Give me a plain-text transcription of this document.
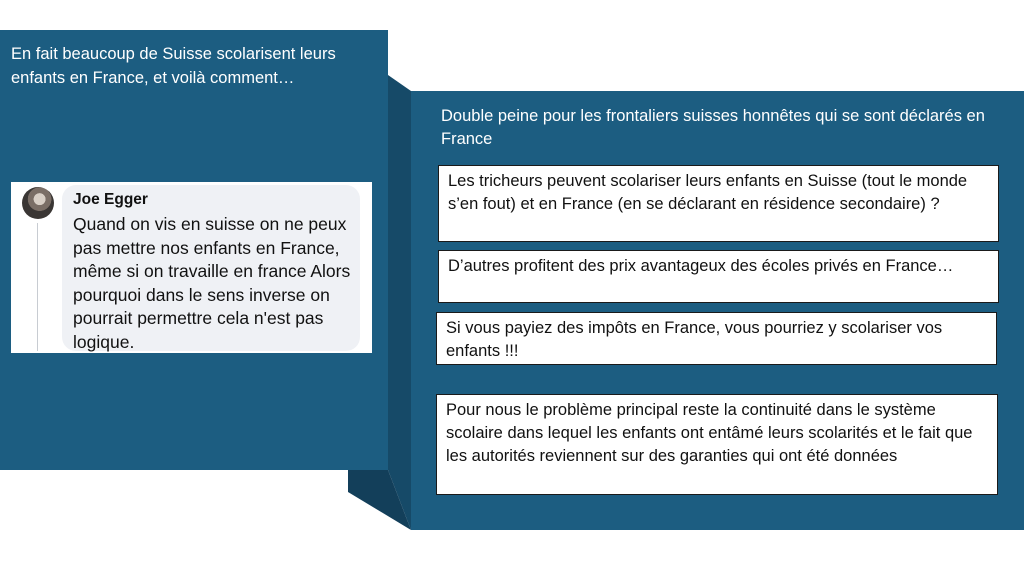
En fait beaucoup de Suisse scolarisent leurs enfants en France, et voilà comment…
Joe Egger
Quand on vis en suisse on ne peux pas mettre nos enfants en France, même si on travaille en france Alors pourquoi dans le sens inverse on pourrait permettre cela n'est pas logique.
Double peine pour les frontaliers suisses honnêtes qui se sont déclarés en France
Les tricheurs peuvent scolariser leurs enfants en Suisse (tout le monde s’en fout) et en France (en se déclarant en résidence secondaire) ?
D’autres profitent des prix avantageux des écoles privés en France…
Si vous payiez des impôts en France, vous pourriez y scolariser vos enfants !!!
Pour nous le problème principal reste la continuité dans le système scolaire dans lequel les enfants ont entâmé leurs scolarités et le fait que les autorités reviennent sur des garanties qui ont été données
